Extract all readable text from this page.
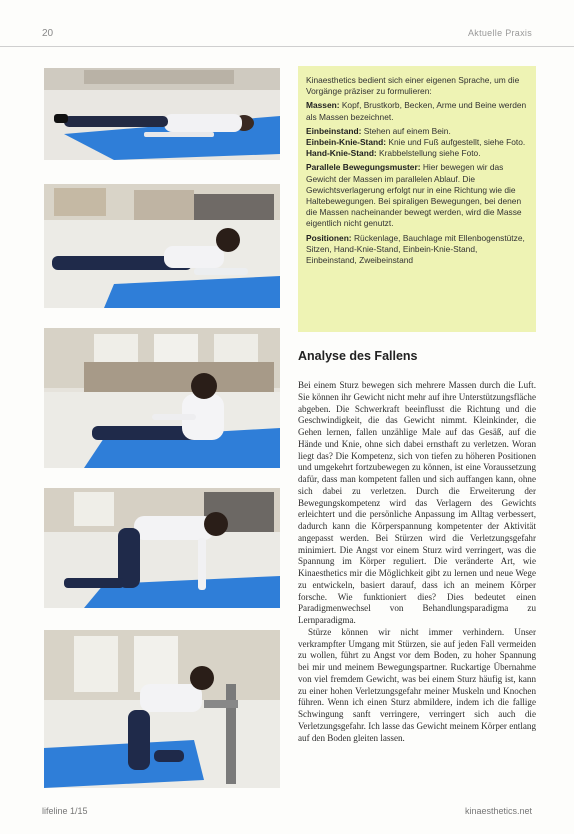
20	Aktuelle Praxis

Kinaesthetics bedient sich einer eigenen Sprache, um die Vorgänge präziser zu formulieren:

Massen: Kopf, Brustkorb, Becken, Arme und Beine werden als Massen bezeichnet.

Einbeinstand: Stehen auf einem Bein.

Einbein-Knie-Stand: Knie und Fuß aufgestellt, siehe Foto.

Hand-Knie-Stand: Krabbelstellung siehe Foto.

Parallele Bewegungsmuster: Hier bewegen wir das Gewicht der Massen im parallelen Ablauf. Die Gewichtsverlagerung erfolgt nur in eine Richtung wie die Haltebewegungen. Bei spiraligen Bewegungen, bei denen die Massen nacheinander bewegt werden, wird die Masse eigentlich nicht genutzt.

Positionen: Rückenlage, Bauchlage mit Ellenbogenstütze, Sitzen, Hand-Knie-Stand, Einbein-Knie-Stand, Einbeinstand, Zweibeinstand

Analyse des Fallens

Bei einem Sturz bewegen sich mehrere Massen durch die Luft. Sie können ihr Gewicht nicht mehr auf ihre Unterstützungsfläche abgeben. Die Schwerkraft beeinflusst die Richtung und die Geschwindigkeit, die das Gewicht nimmt. Kleinkinder, die Gehen lernen, fallen unzählige Male auf das Gesäß, auf die Hände und Knie, ohne sich dabei ernsthaft zu verletzen. Woran liegt das? Die Kompetenz, sich von tiefen zu höheren Positionen und umgekehrt fortzubewegen zu können, ist eine Voraussetzung dafür, dass man kompetent fallen und sich auffangen kann, ohne sich dabei zu verletzen. Durch die Erweiterung der Bewegungskompetenz wird das Verlagern des Gewichts erleichtert und die persönliche Anpassung im Alltag verbessert, dadurch kann die Körperspannung kompetenter der Aktivität angepasst werden. Bei Stürzen wird die Verletzungsgefahr minimiert. Die Angst vor einem Sturz wird verringert, was die Spannung im Körper reguliert. Die veränderte Art, wie Kinaesthetics mir die Möglichkeit gibt zu lernen und neue Wege zu entwickeln, basiert darauf, dass ich an meinem Körper forsche. Wie funktioniert dies? Dies bedeutet einen Paradigmenwechsel von Behandlungsparadigma zu Lernparadigma.

Stürze können wir nicht immer verhindern. Unser verkrampfter Umgang mit Stürzen, sie auf jeden Fall vermeiden zu wollen, führt zu Angst vor dem Boden, zu hoher Spannung bei mir und meinem Bewegungspartner. Ruckartige Übernahme von viel fremdem Gewicht, was bei einem Sturz häufig ist, kann zu einer hohen Verletzungsgefahr meiner Muskeln und Knochen führen. Wenn ich einen Sturz abmildere, indem ich die fallige Schwingung sanft verringere, verringert sich auch die Verletzungsgefahr. Ich lasse das Gewicht meinem Körper entlang auf den Boden gleiten lassen.

lifeline 1/15	kinaesthetics.net
